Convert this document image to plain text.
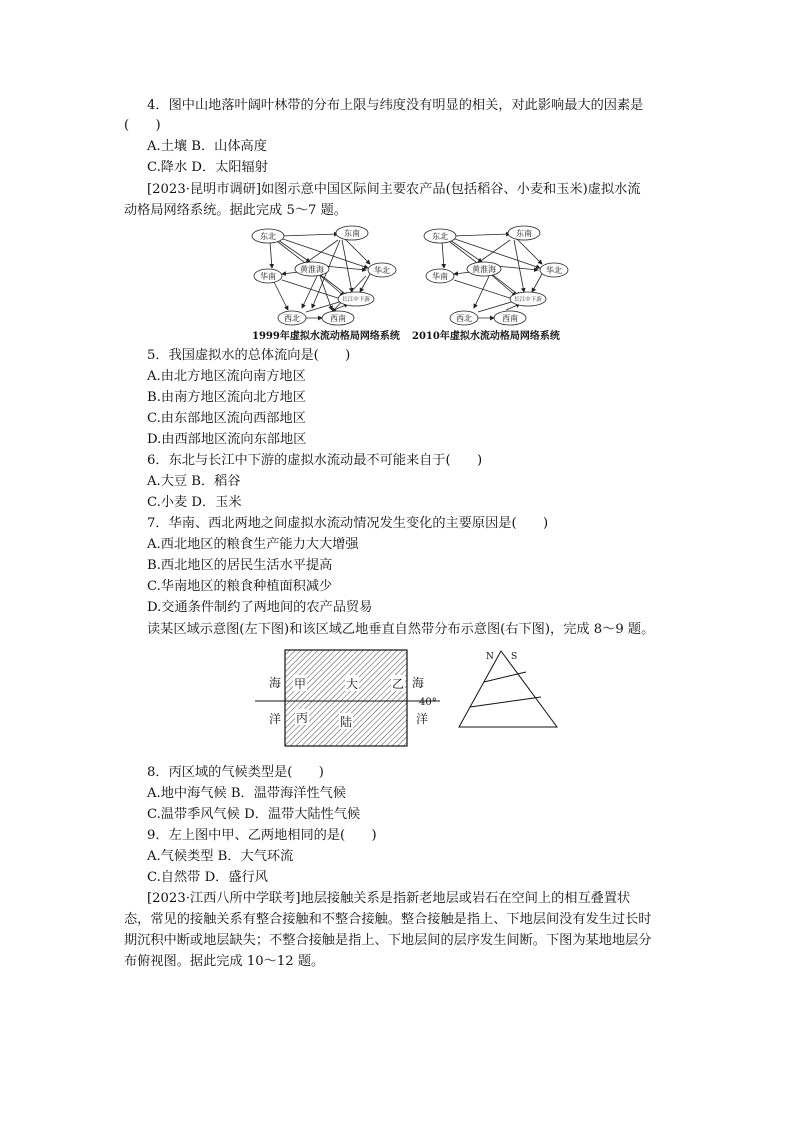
4．图中山地落叶阔叶林带的分布上限与纬度没有明显的相关，对此影响最大的因素是
(　　)
A.土壤 B．山体高度
C.降水 D．太阳辐射
[2023·昆明市调研]如图示意中国区际间主要农产品(包括稻谷、小麦和玉米)虚拟水流
动格局网络系统。据此完成 5～7 题。
东北	东南
黄淮海
华南
华北
长江中下游
西北	西南
东北	东南
黄淮海
华南
华北
长江中下游
西北	西南
1999年虚拟水流动格局网络系统 2010年虚拟水流动格局网络系统
5．我国虚拟水的总体流向是(　　)
A.由北方地区流向南方地区
B.由南方地区流向北方地区
C.由东部地区流向西部地区
D.由西部地区流向东部地区
6．东北与长江中下游的虚拟水流动最不可能来自于(　　)
A.大豆 B．稻谷
C.小麦 D．玉米
7．华南、西北两地之间虚拟水流动情况发生变化的主要原因是(　　)
A.西北地区的粮食生产能力大大增强
B.西北地区的居民生活水平提高
C.华南地区的粮食种植面积减少
D.交通条件制约了两地间的农产品贸易
读某区域示意图(左下图)和该区域乙地垂直自然带分布示意图(右下图)，完成 8～9 题。
海
洋
海
洋
甲	大	乙
丙	陆
40°
N S
8．丙区域的气候类型是(　　)
A.地中海气候 B．温带海洋性气候
C.温带季风气候 D．温带大陆性气候
9．左上图中甲、乙两地相同的是(　　)
A.气候类型 B．大气环流
C.自然带 D．盛行风
[2023·江西八所中学联考]地层接触关系是指新老地层或岩石在空间上的相互叠置状
态，常见的接触关系有整合接触和不整合接触。整合接触是指上、下地层间没有发生过长时
期沉积中断或地层缺失；不整合接触是指上、下地层间的层序发生间断。下图为某地地层分
布俯视图。据此完成 10～12 题。
